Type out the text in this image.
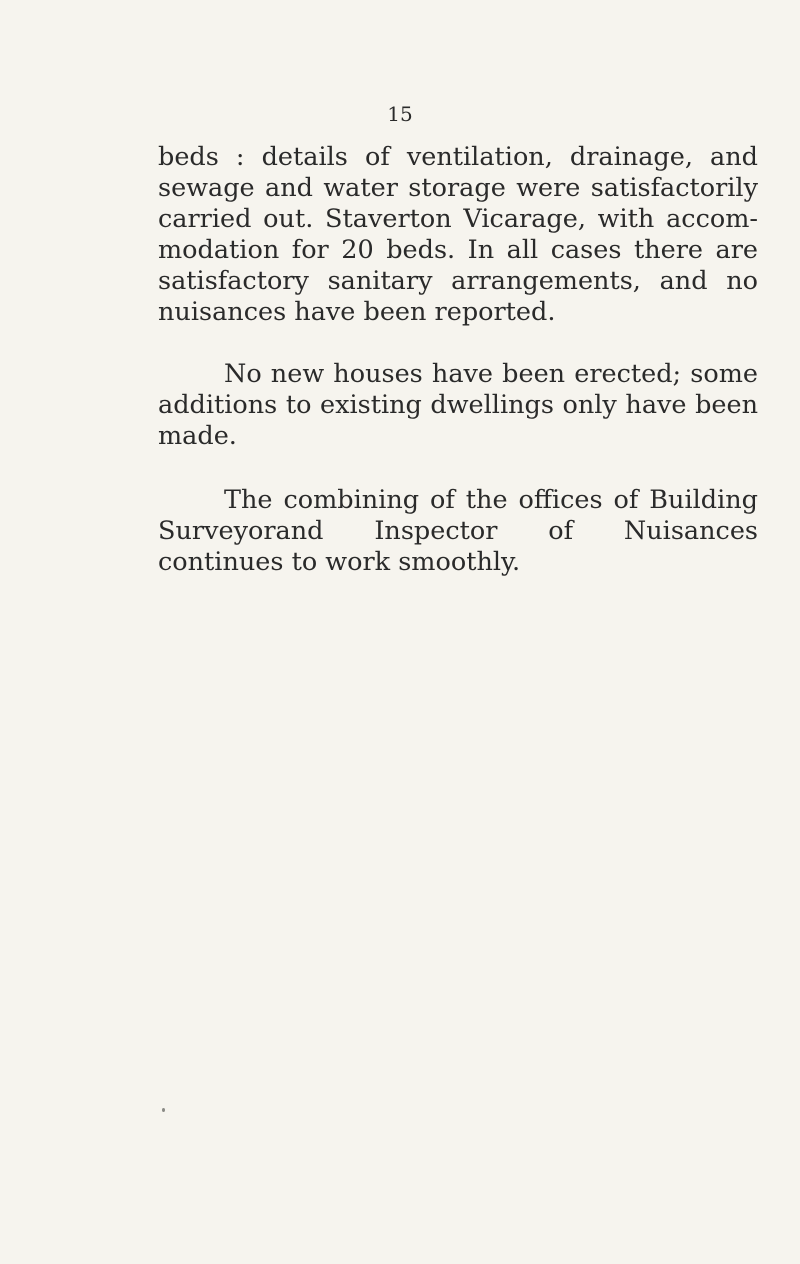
15

beds : details of ventilation, drainage, and sewage and water storage were satisfactorily carried out. Staverton Vicarage, with accom- modation for 20 beds. In all cases there are satisfactory sanitary arrangements, and no nuisances have been reported.

No new houses have been erected; some additions to existing dwellings only have been made.

The combining of the offices of Building Surveyorand Inspector of Nuisances continues to work smoothly.
